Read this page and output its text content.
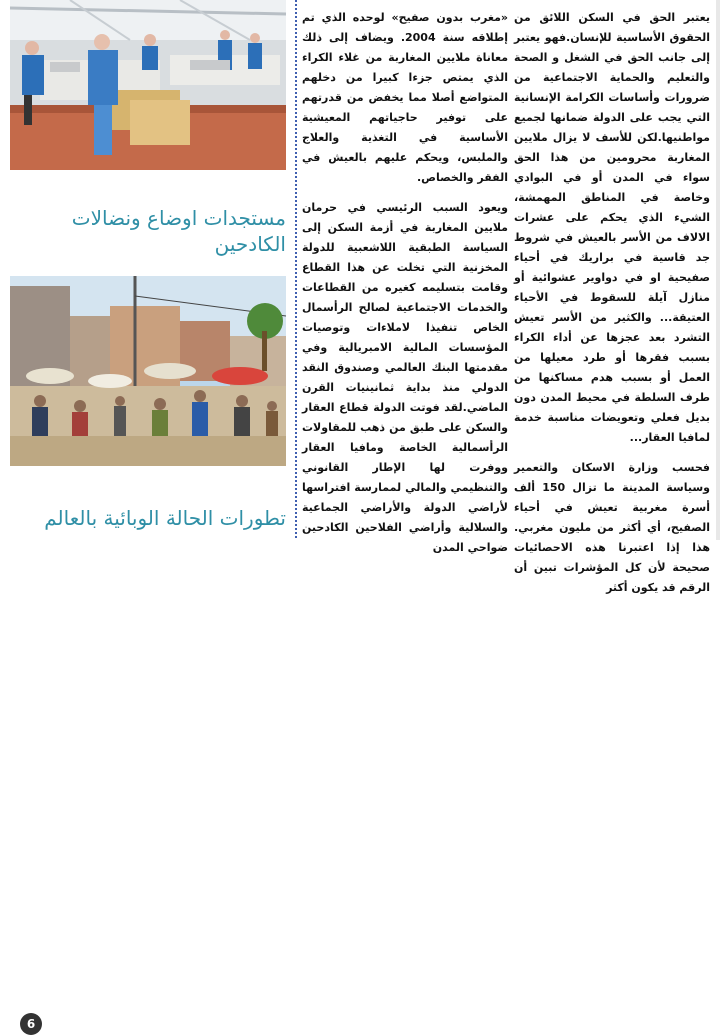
مستجدات اوضاع ونضالات الكادحين
6
تطورات الحالة الوبائية بالعالم

«مغرب بدون صفيح» لوحده الذي تم إطلاقه سنة 2004. ويضاف إلى ذلك معاناة ملايين المغاربة من غلاء الكراء الذي يمتص جزءا كبيرا من دخلهم المتواضع أصلا مما يخفض من قدرتهم على توفير حاجياتهم المعيشية الأساسية في التغذية والعلاج والملبس، ويحكم عليهم بالعيش في الفقر والخصاص.

ويعود السبب الرئيسي في حرمان ملايين المغاربة في أزمة السكن إلى السياسة الطبقية اللاشعبية للدولة المخزنية التي تخلت عن هذا القطاع وقامت بتسليمه كغيره من القطاعات والخدمات الاجتماعية لصالح الرأسمال الخاص تنفيذا لاملاءات وتوصيات المؤسسات المالية الامبريالية وفي مقدمتها البنك العالمي وصندوق النقد الدولي منذ بداية ثمانينيات القرن الماضي.لقد فوتت الدولة قطاع العقار والسكن على طبق من ذهب للمقاولات الرأسمالية الخاصة ومافيا العقار ووفرت لها الإطار القانوني والتنظيمي والمالي لممارسة افتراسها لأراضي الدولة والأراضي الجماعية والسلالية وأراضي الفلاحين الكادحين ضواحي المدن

يعتبر الحق في السكن اللائق من الحقوق الأساسية للإنسان.فهو يعتبر إلى جانب الحق في الشغل و الصحة والتعليم والحماية الاجتماعية من ضرورات وأساسات الكرامة الإنسانية التي يجب على الدولة ضمانها لجميع مواطنيها.لكن للأسف لا يزال ملايين المغاربة محرومين من هذا الحق سواء في المدن أو في البوادي وخاصة في المناطق المهمشة، الشيء الذي يحكم على عشرات الالاف من الأسر بالعيش في شروط جد قاسية في براريك في أحياء صفيحية او في دواوير عشوائية أو منازل آيلة للسقوط في الأحياء العتيقة... والكثير من الأسر تعيش التشرد بعد عجزها عن أداء الكراء بسبب فقرها أو طرد معيلها من العمل أو بسبب هدم مساكنها من طرف السلطة في محيط المدن دون بديل فعلي وتعويضات مناسبة خدمة لمافيا العقار...

فحسب وزارة الاسكان والتعمير وسياسة المدينة ما تزال 150 ألف أسرة مغربية تعيش في أحياء الصفيح، أي أكثر من مليون مغربي. هذا إذا اعتبرنا هذه الاحصائيات صحيحة لأن كل المؤشرات تبين أن الرقم قد يكون أكثر
